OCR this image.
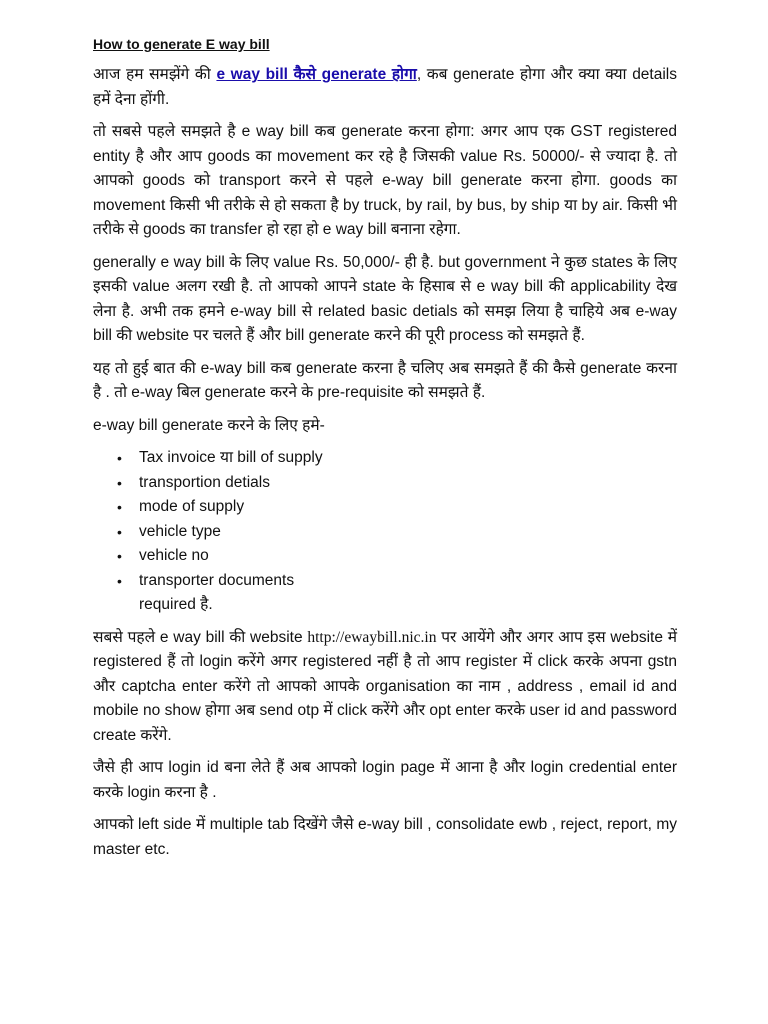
How to generate E way bill

आज हम समझेंगे की e way bill कैसे generate होगा, कब generate होगा और क्या क्या details हमें देना होंगी.

तो सबसे पहले समझते है e way bill कब generate करना होगा: अगर आप एक GST registered entity है और आप goods का movement कर रहे है जिसकी value Rs. 50000/- से ज्यादा है. तो आपको goods को transport करने से पहले e-way bill generate करना होगा. goods का movement किसी भी तरीके से हो सकता है by truck, by rail, by bus, by ship या by air. किसी भी तरीके से goods का transfer हो रहा हो e way bill बनाना रहेगा.

generally e way bill के लिए value Rs. 50,000/- ही है. but government ने कुछ states के लिए इसकी value अलग रखी है. तो आपको आपने state के हिसाब से e way bill की applicability देख लेना है. अभी तक हमने e-way bill से related basic detials को समझ लिया है चाहिये अब e-way bill की website पर चलते हैं और bill generate करने की पूरी process को समझते हैं.

यह तो हुई बात की e-way bill कब generate करना है चलिए अब समझते हैं की कैसे generate करना है . तो e-way बिल generate करने के pre-requisite को समझते हैं.

e-way bill generate करने के लिए हमे-

• Tax invoice या bill of supply
• transportion detials
• mode of supply
• vehicle type
• vehicle no
• transporter documents required है.

सबसे पहले e way bill की website http://ewaybill.nic.in पर आयेंगे और अगर आप इस website में registered हैं तो login करेंगे अगर registered नहीं है तो आप register में click करके अपना gstn और captcha enter करेंगे तो आपको आपके organisation का नाम , address , email id and mobile no show होगा अब send otp में click करेंगे और opt enter करके user id and password create करेंगे.

जैसे ही आप login id बना लेते हैं अब आपको login page में आना है और login credential enter करके login करना है .

आपको left side में multiple tab दिखेंगे जैसे e-way bill , consolidate ewb , reject, report, my master etc.
